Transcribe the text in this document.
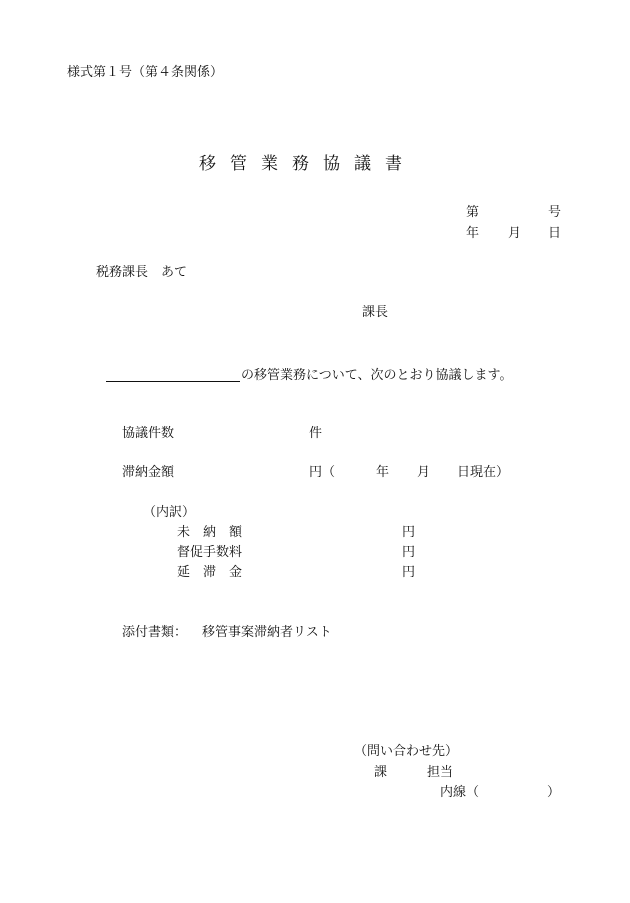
様式第１号（第４条関係）
移 管 業 務 協 議 書
第	号
年 月 日
税務課長　あて
課長
の移管業務について、次のとおり協議します。
協議件数	件
滞納金額	円（	年 月 日現在）
（内訳）
未　納　額	円
督促手数料	円
延　滞　金	円
添付書類： 移管事案滞納者リスト
（問い合わせ先）
課	担当
内線（	）
